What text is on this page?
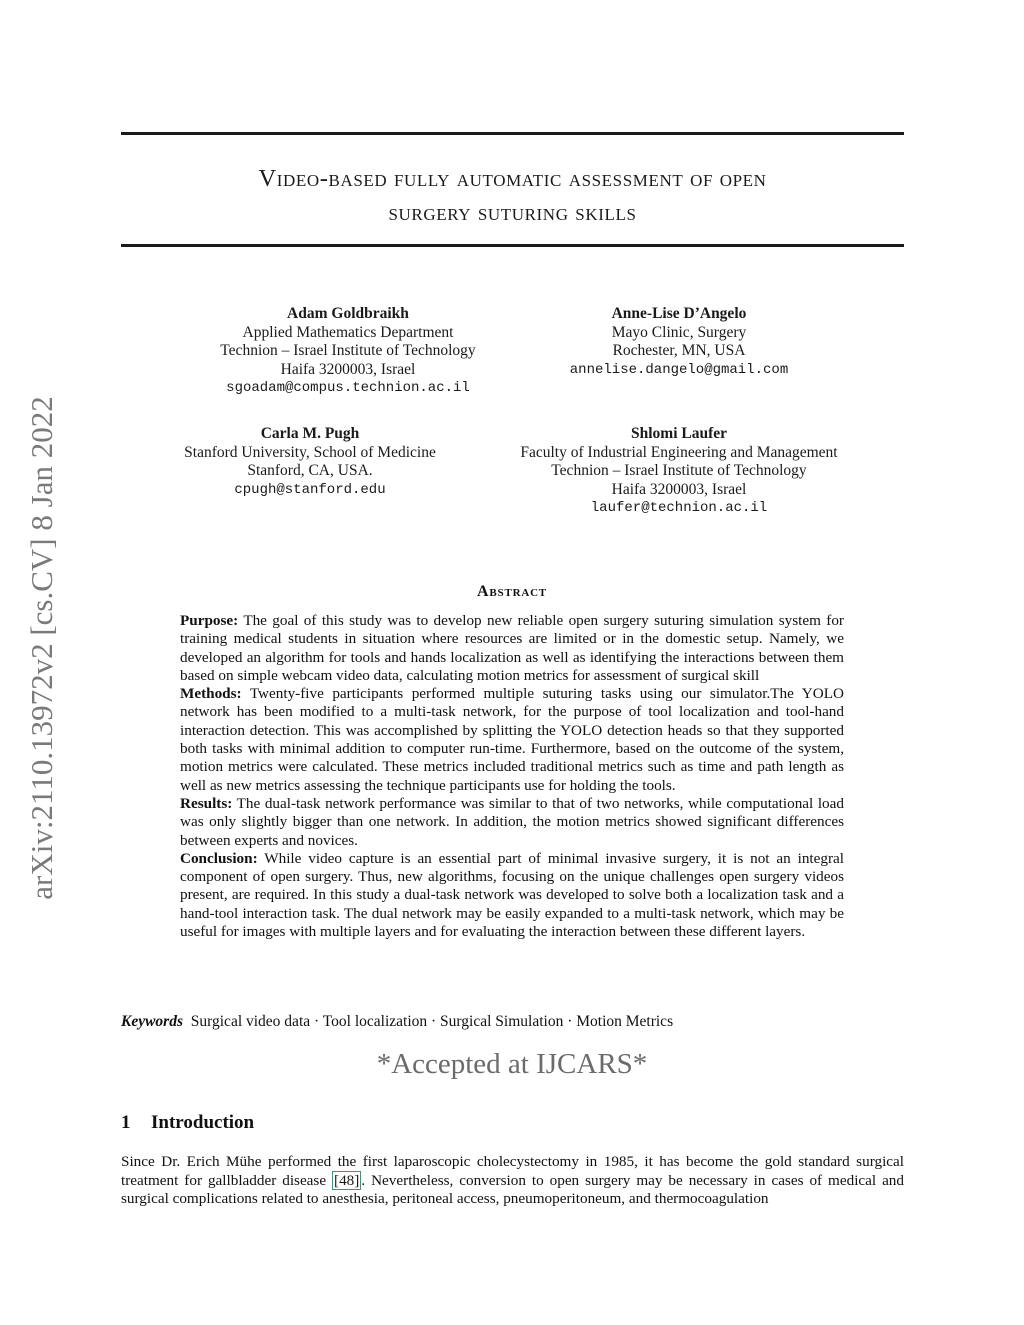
Video-based fully automatic assessment of open
surgery suturing skills
arXiv:2110.13972v2 [cs.CV] 8 Jan 2022
Adam Goldbraikh
Applied Mathematics Department
Technion – Israel Institute of Technology
Haifa 3200003, Israel
sgoadam@compus.technion.ac.il
Anne-Lise D’Angelo
Mayo Clinic, Surgery
Rochester, MN, USA
annelise.dangelo@gmail.com
Carla M. Pugh
Stanford University, School of Medicine
Stanford, CA, USA.
cpugh@stanford.edu
Shlomi Laufer
Faculty of Industrial Engineering and Management
Technion – Israel Institute of Technology
Haifa 3200003, Israel
laufer@technion.ac.il
Abstract

Purpose: The goal of this study was to develop new reliable open surgery suturing simulation system for training medical students in situation where resources are limited or in the domestic setup. Namely, we developed an algorithm for tools and hands localization as well as identifying the interactions between them based on simple webcam video data, calculating motion metrics for assessment of surgical skill

Methods: Twenty-five participants performed multiple suturing tasks using our simulator.The YOLO network has been modified to a multi-task network, for the purpose of tool localization and tool-hand interaction detection. This was accomplished by splitting the YOLO detection heads so that they supported both tasks with minimal addition to computer run-time. Furthermore, based on the outcome of the system, motion metrics were calculated. These metrics included traditional metrics such as time and path length as well as new metrics assessing the technique participants use for holding the tools.

Results: The dual-task network performance was similar to that of two networks, while computational load was only slightly bigger than one network. In addition, the motion metrics showed significant differences between experts and novices.

Conclusion: While video capture is an essential part of minimal invasive surgery, it is not an integral component of open surgery. Thus, new algorithms, focusing on the unique challenges open surgery videos present, are required. In this study a dual-task network was developed to solve both a localization task and a hand-tool interaction task. The dual network may be easily expanded to a multi-task network, which may be useful for images with multiple layers and for evaluating the interaction between these different layers.

Keywords Surgical video data · Tool localization · Surgical Simulation · Motion Metrics
*Accepted at IJCARS*
1 Introduction
Since Dr. Erich Mühe performed the first laparoscopic cholecystectomy in 1985, it has become the gold standard surgical treatment for gallbladder disease [48] . Nevertheless, conversion to open surgery may be necessary in cases of medical and surgical complications related to anesthesia, peritoneal access, pneumoperitoneum, and thermocoagulation
